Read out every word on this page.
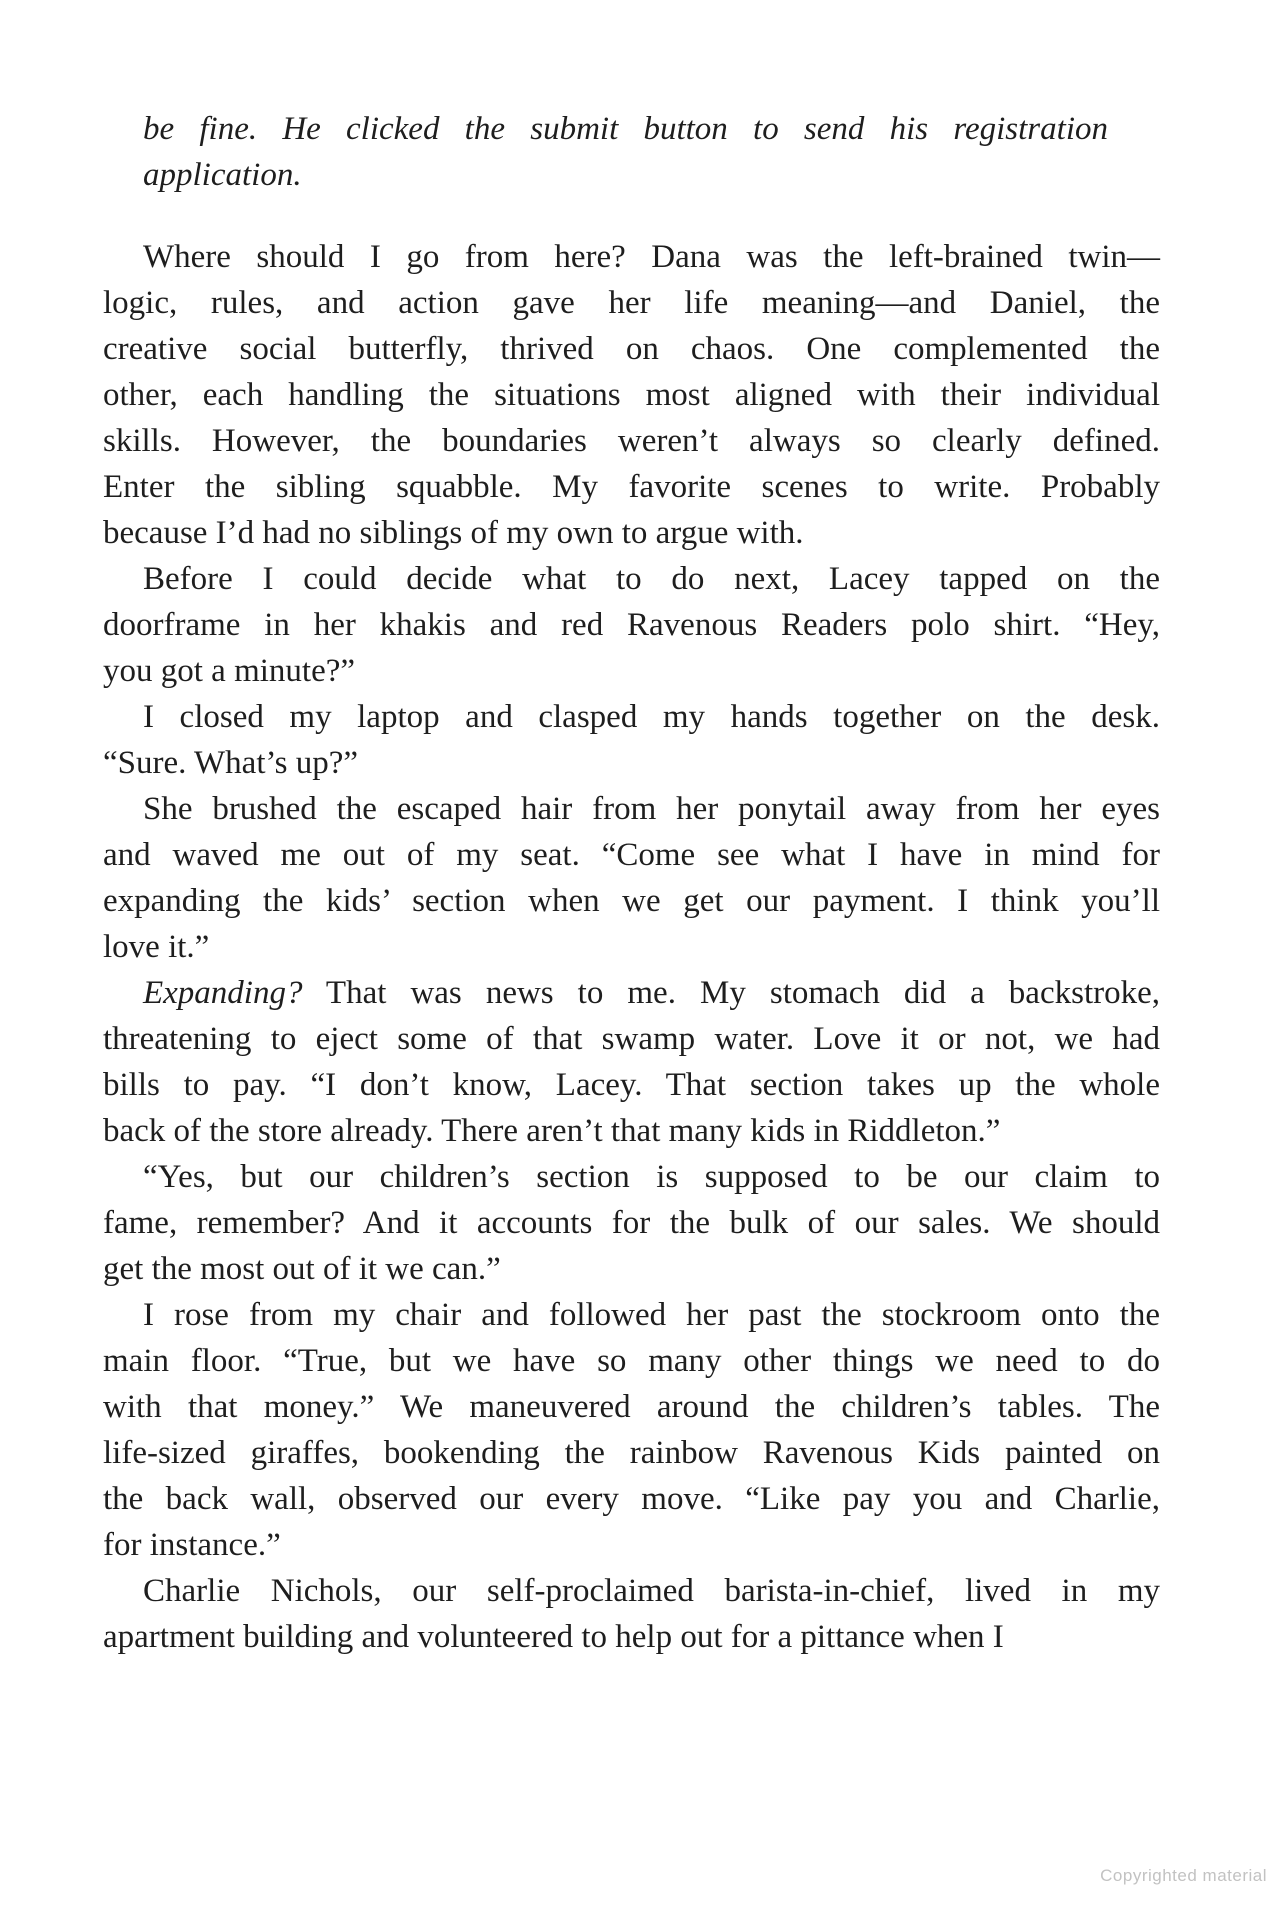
be fine. He clicked the submit button to send his registration
application.
Where should I go from here? Dana was the left-brained twin—
logic, rules, and action gave her life meaning—and Daniel, the
creative social butterfly, thrived on chaos. One complemented the
other, each handling the situations most aligned with their individual
skills. However, the boundaries weren’t always so clearly defined.
Enter the sibling squabble. My favorite scenes to write. Probably
because I’d had no siblings of my own to argue with.
Before I could decide what to do next, Lacey tapped on the
doorframe in her khakis and red Ravenous Readers polo shirt. “Hey,
you got a minute?”
I closed my laptop and clasped my hands together on the desk.
“Sure. What’s up?”
She brushed the escaped hair from her ponytail away from her eyes
and waved me out of my seat. “Come see what I have in mind for
expanding the kids’ section when we get our payment. I think you’ll
love it.”
Expanding? That was news to me. My stomach did a backstroke,
threatening to eject some of that swamp water. Love it or not, we had
bills to pay. “I don’t know, Lacey. That section takes up the whole
back of the store already. There aren’t that many kids in Riddleton.”
“Yes, but our children’s section is supposed to be our claim to
fame, remember? And it accounts for the bulk of our sales. We should
get the most out of it we can.”
I rose from my chair and followed her past the stockroom onto the
main floor. “True, but we have so many other things we need to do
with that money.” We maneuvered around the children’s tables. The
life-sized giraffes, bookending the rainbow Ravenous Kids painted on
the back wall, observed our every move. “Like pay you and Charlie,
for instance.”
Charlie Nichols, our self-proclaimed barista-in-chief, lived in my
apartment building and volunteered to help out for a pittance when I
Copyrighted material
